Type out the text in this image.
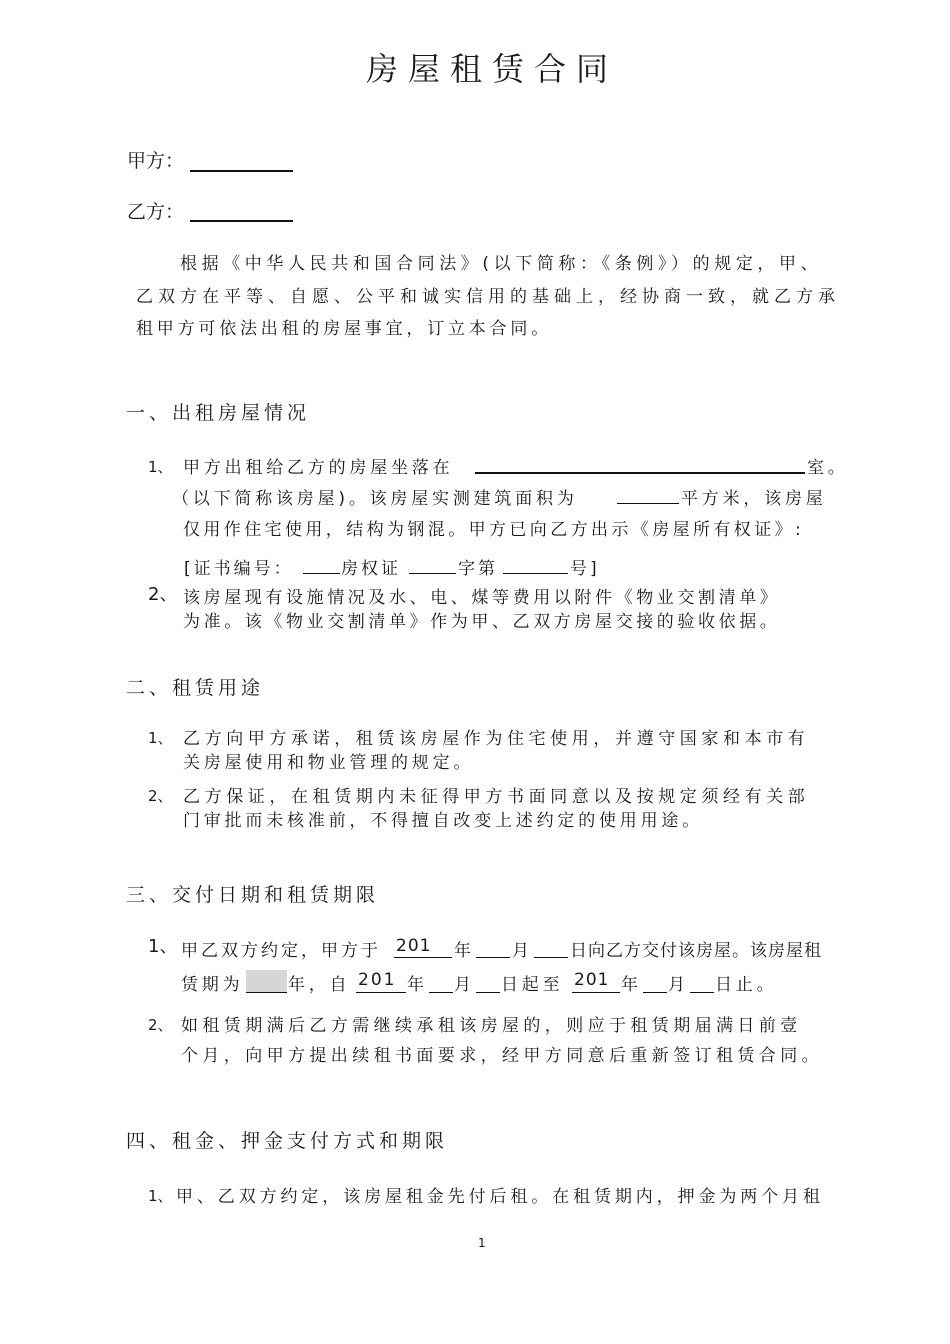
房屋租赁合同
甲方：
乙方：
根据《中华人民共和国合同法》(以下简称：《条例》）的规定，甲、
乙双方在平等、自愿、公平和诚实信用的基础上，经协商一致，就乙方承
租甲方可依法出租的房屋事宜，订立本合同。
一、出租房屋情况
1、 甲方出租给乙方的房屋坐落在	室。
（以下简称该房屋)。该房屋实测建筑面积为	平方米，该房屋
仅用作住宅使用，结构为钢混。甲方已向乙方出示《房屋所有权证》:
[证书编号：	房权证	字第	号]
2、 该房屋现有设施情况及水、电、煤等费用以附件《物业交割清单》
为准。该《物业交割清单》作为甲、乙双方房屋交接的验收依据。
二、租赁用途
1、 乙方向甲方承诺，租赁该房屋作为住宅使用，并遵守国家和本市有
关房屋使用和物业管理的规定。
2、 乙方保证，在租赁期内未征得甲方书面同意以及按规定须经有关部
门审批而未核准前，不得擅自改变上述约定的使用用途。
三、交付日期和租赁期限
1、 甲乙双方约定，甲方于 201 年 月 日向乙方交付该房屋。该房屋租
赁期为	年，自 201 年 月 日起至 201 年 月 日止。
2、 如租赁期满后乙方需继续承租该房屋的，则应于租赁期届满日前壹
个月，向甲方提出续租书面要求，经甲方同意后重新签订租赁合同。
四、租金、押金支付方式和期限
1、 甲、乙双方约定，该房屋租金先付后租。在租赁期内，押金为两个月租
1
